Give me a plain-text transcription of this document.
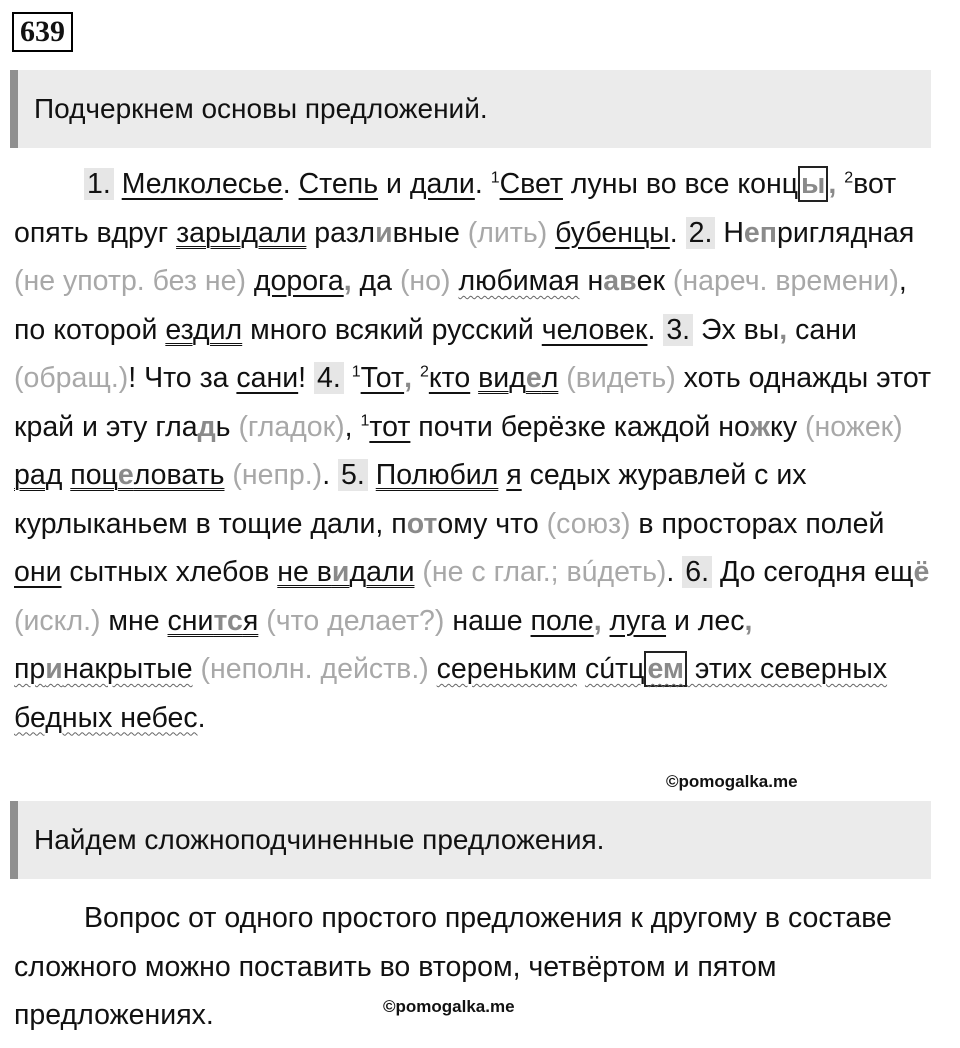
639
Подчеркнем основы предложений.

1. Мелколесье. Степь и дали. $^1$Свет луны во все конц ы , $^2$вот опять вдруг зарыдали разливные (лить) бубенцы. 2. Неприглядная (не употр. без не) дорога, да (но) любимая навек (нареч. времени), по которой ездил много всякий русский человек. 3. Эх вы, сани (обращ.)! Что за сани! 4. $^1$Тот, $^2$кто видел (видеть) хоть однажды этот край и эту гладь (гладок), $^1$тот почти берёзке каждой ножку (ножек) рад поцеловать (непр.). 5. Полюбил я седых журавлей с их курлыканьем в тощие дали, потому что (союз) в просторах полей они сытных хлебов не видали (не с глаг.; вúдеть). 6. До сегодня ещё (искл.) мне снится (что делает?) наше поле, луга и лес, принакрытые (неполн. действ.) сереньким сúтц ем этих северных бедных небес.

©pomogalka.me
Найдем сложноподчиненные предложения.

Вопрос от одного простого предложения к другому в составе сложного можно поставить во втором, четвёртом и пятом предложениях.	©pomogalka.me
